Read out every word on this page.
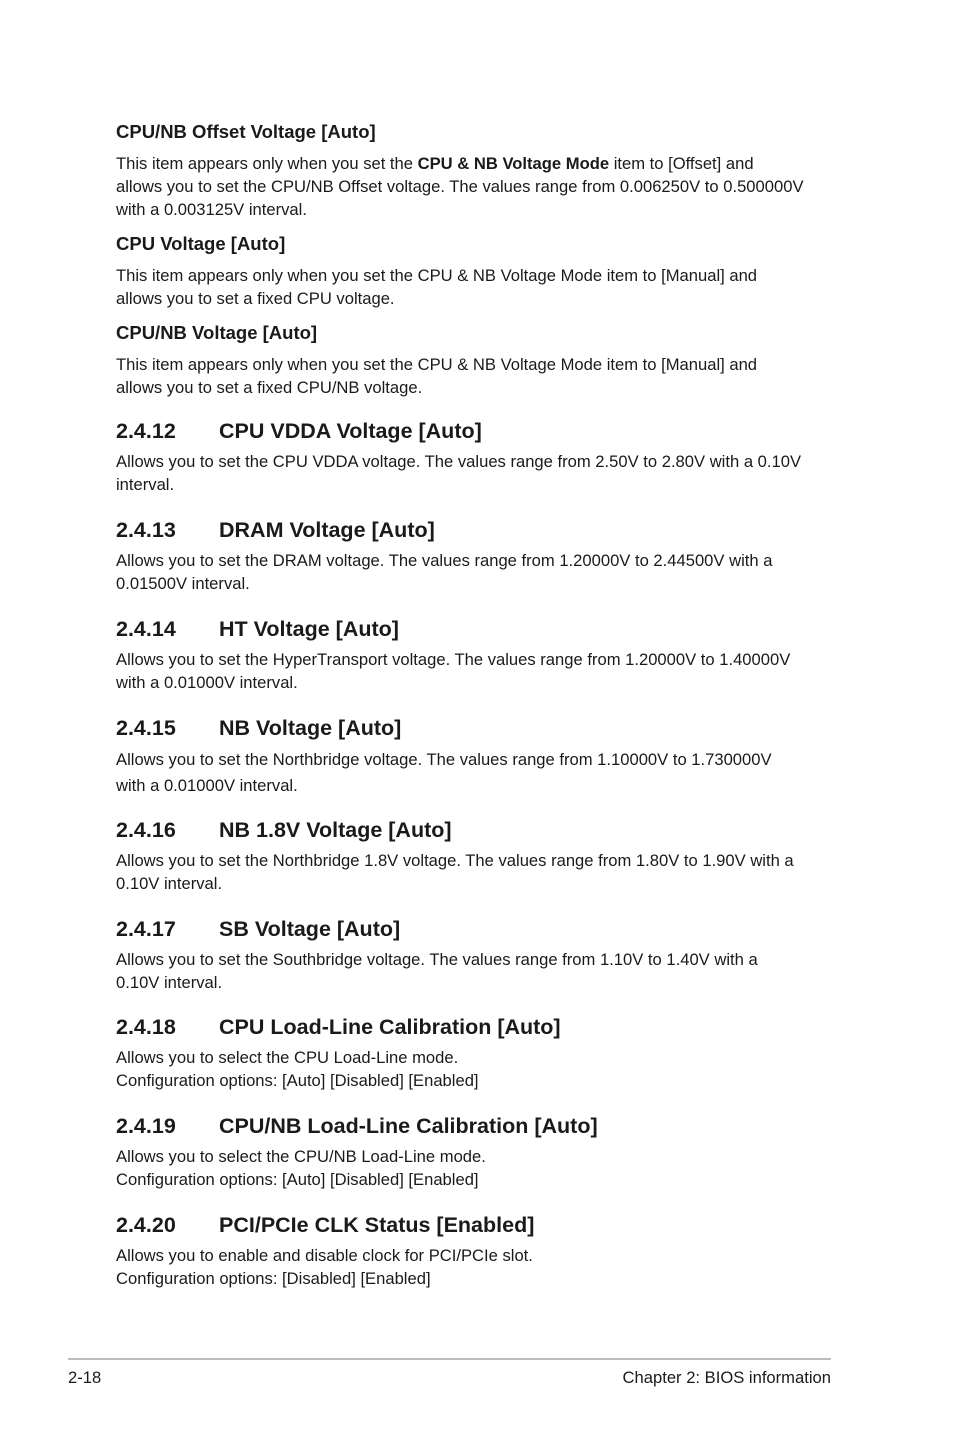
CPU/NB Offset Voltage [Auto]

This item appears only when you set the CPU & NB Voltage Mode item to [Offset] and
allows you to set the CPU/NB Offset voltage. The values range from 0.006250V to 0.500000V
with a 0.003125V interval.

CPU Voltage [Auto]

This item appears only when you set the CPU & NB Voltage Mode item to [Manual] and
allows you to set a fixed CPU voltage.

CPU/NB Voltage [Auto]

This item appears only when you set the CPU & NB Voltage Mode item to [Manual] and
allows you to set a fixed CPU/NB voltage.

2.4.12 CPU VDDA Voltage [Auto]

Allows you to set the CPU VDDA voltage. The values range from 2.50V to 2.80V with a 0.10V
interval.

2.4.13 DRAM Voltage [Auto]

Allows you to set the DRAM voltage. The values range from 1.20000V to 2.44500V with a
0.01500V interval.

2.4.14 HT Voltage [Auto]

Allows you to set the HyperTransport voltage. The values range from 1.20000V to 1.40000V
with a 0.01000V interval.

2.4.15 NB Voltage [Auto]

Allows you to set the Northbridge voltage. The values range from 1.10000V to 1.730000V
with a 0.01000V interval.

2.4.16 NB 1.8V Voltage [Auto]

Allows you to set the Northbridge 1.8V voltage. The values range from 1.80V to 1.90V with a
0.10V interval.

2.4.17 SB Voltage [Auto]

Allows you to set the Southbridge voltage. The values range from 1.10V to 1.40V with a
0.10V interval.

2.4.18 CPU Load-Line Calibration [Auto]

Allows you to select the CPU Load-Line mode.
Configuration options: [Auto] [Disabled] [Enabled]

2.4.19 CPU/NB Load-Line Calibration [Auto]

Allows you to select the CPU/NB Load-Line mode.
Configuration options: [Auto] [Disabled] [Enabled]

2.4.20 PCI/PCIe CLK Status [Enabled]

Allows you to enable and disable clock for PCI/PCIe slot.
Configuration options: [Disabled] [Enabled]

2-18	Chapter 2: BIOS information
